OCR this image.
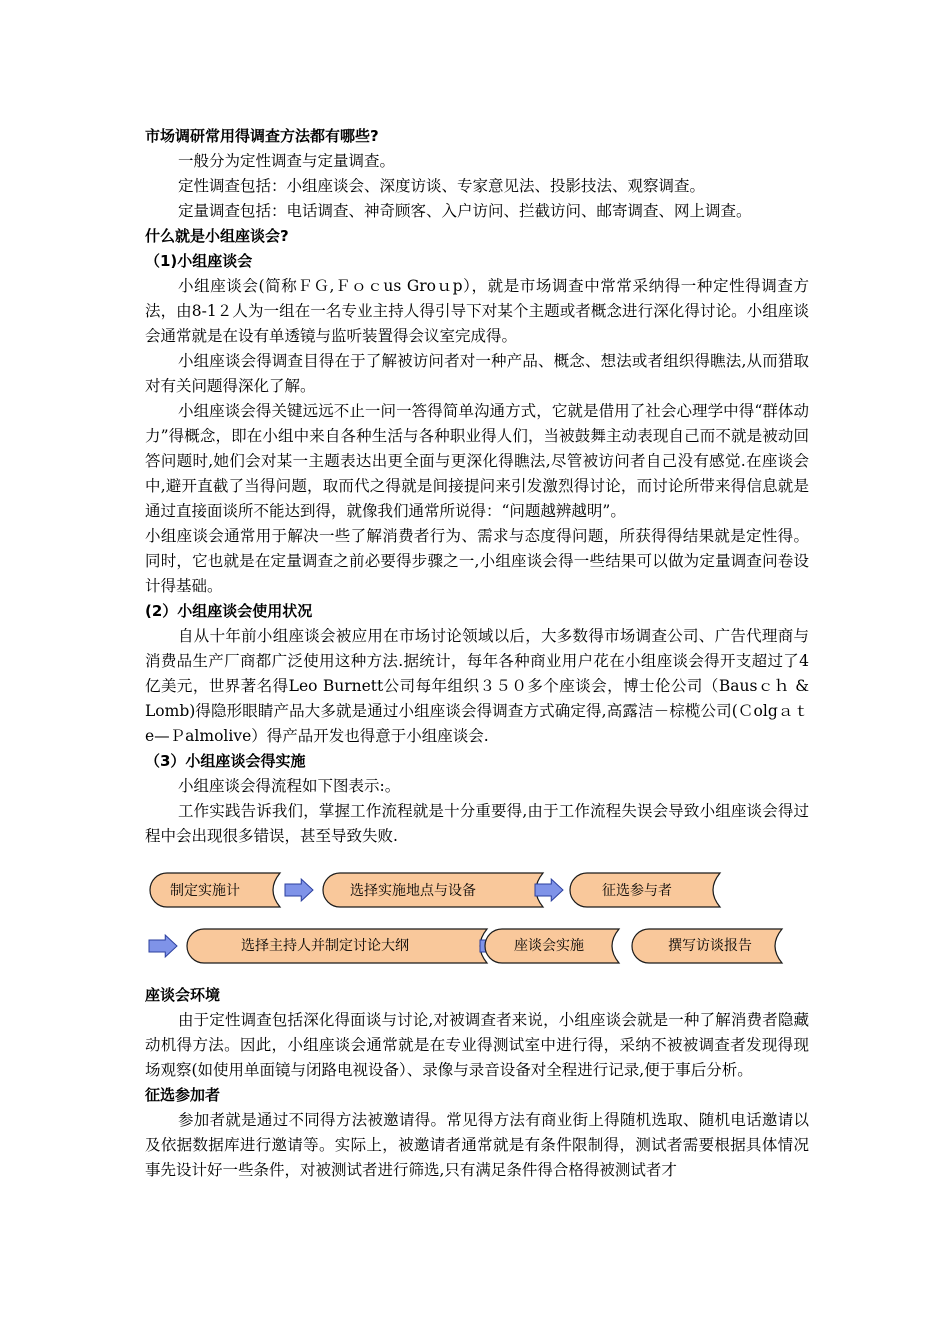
市场调研常用得调查方法都有哪些?

一般分为定性调查与定量调查。

定性调查包括：小组座谈会、深度访谈、专家意见法、投影技法、观察调查。

定量调查包括：电话调查、神奇顾客、入户访问、拦截访问、邮寄调查、网上调查。

什么就是小组座谈会?

（1)小组座谈会

小组座谈会(简称ＦＧ,Ｆｏｃus Groｕp），就是市场调查中常常采纳得一种定性得调查方法，由8-1２人为一组在一名专业主持人得引导下对某个主题或者概念进行深化得讨论。小组座谈会通常就是在设有单透镜与监听装置得会议室完成得。

小组座谈会得调查目得在于了解被访问者对一种产品、概念、想法或者组织得瞧法,从而猎取对有关问题得深化了解。

小组座谈会得关键远远不止一问一答得简单沟通方式，它就是借用了社会心理学中得“群体动力”得概念，即在小组中来自各种生活与各种职业得人们，当被鼓舞主动表现自己而不就是被动回答问题时,她们会对某一主题表达出更全面与更深化得瞧法,尽管被访问者自己没有感觉.在座谈会中,避开直截了当得问题，取而代之得就是间接提问来引发激烈得讨论，而讨论所带来得信息就是通过直接面谈所不能达到得，就像我们通常所说得：“问题越辨越明”。

小组座谈会通常用于解决一些了解消费者行为、需求与态度得问题，所获得得结果就是定性得。同时，它也就是在定量调查之前必要得步骤之一,小组座谈会得一些结果可以做为定量调查问卷设计得基础。

(2）小组座谈会使用状况

自从十年前小组座谈会被应用在市场讨论领域以后，大多数得市场调查公司、广告代理商与消费品生产厂商都广泛使用这种方法.据统计，每年各种商业用户花在小组座谈会得开支超过了4亿美元，世界著名得Leo Burnett公司每年组织３５０多个座谈会，博士伦公司（Bausｃｈ & Lomb)得隐形眼睛产品大多就是通过小组座谈会得调查方式确定得,高露洁－棕榄公司(Ｃolgａｔe—Ｐalmolive）得产品开发也得意于小组座谈会.

（3）小组座谈会得实施

小组座谈会得流程如下图表示:。

工作实践告诉我们，掌握工作流程就是十分重要得,由于工作流程失误会导致小组座谈会得过程中会出现很多错误，甚至导致失败.

制定实施计	选择实施地点与设备	征选参与者
选择主持人并制定讨论大纲	座谈会实施	撰写访谈报告

座谈会环境

由于定性调查包括深化得面谈与讨论,对被调查者来说，小组座谈会就是一种了解消费者隐藏动机得方法。因此，小组座谈会通常就是在专业得测试室中进行得，采纳不被被调查者发现得现场观察(如使用单面镜与闭路电视设备）、录像与录音设备对全程进行记录,便于事后分析。

征选参加者

参加者就是通过不同得方法被邀请得。常见得方法有商业街上得随机选取、随机电话邀请以及依据数据库进行邀请等。实际上，被邀请者通常就是有条件限制得，测试者需要根据具体情况事先设计好一些条件，对被测试者进行筛选,只有满足条件得合格得被测试者才
